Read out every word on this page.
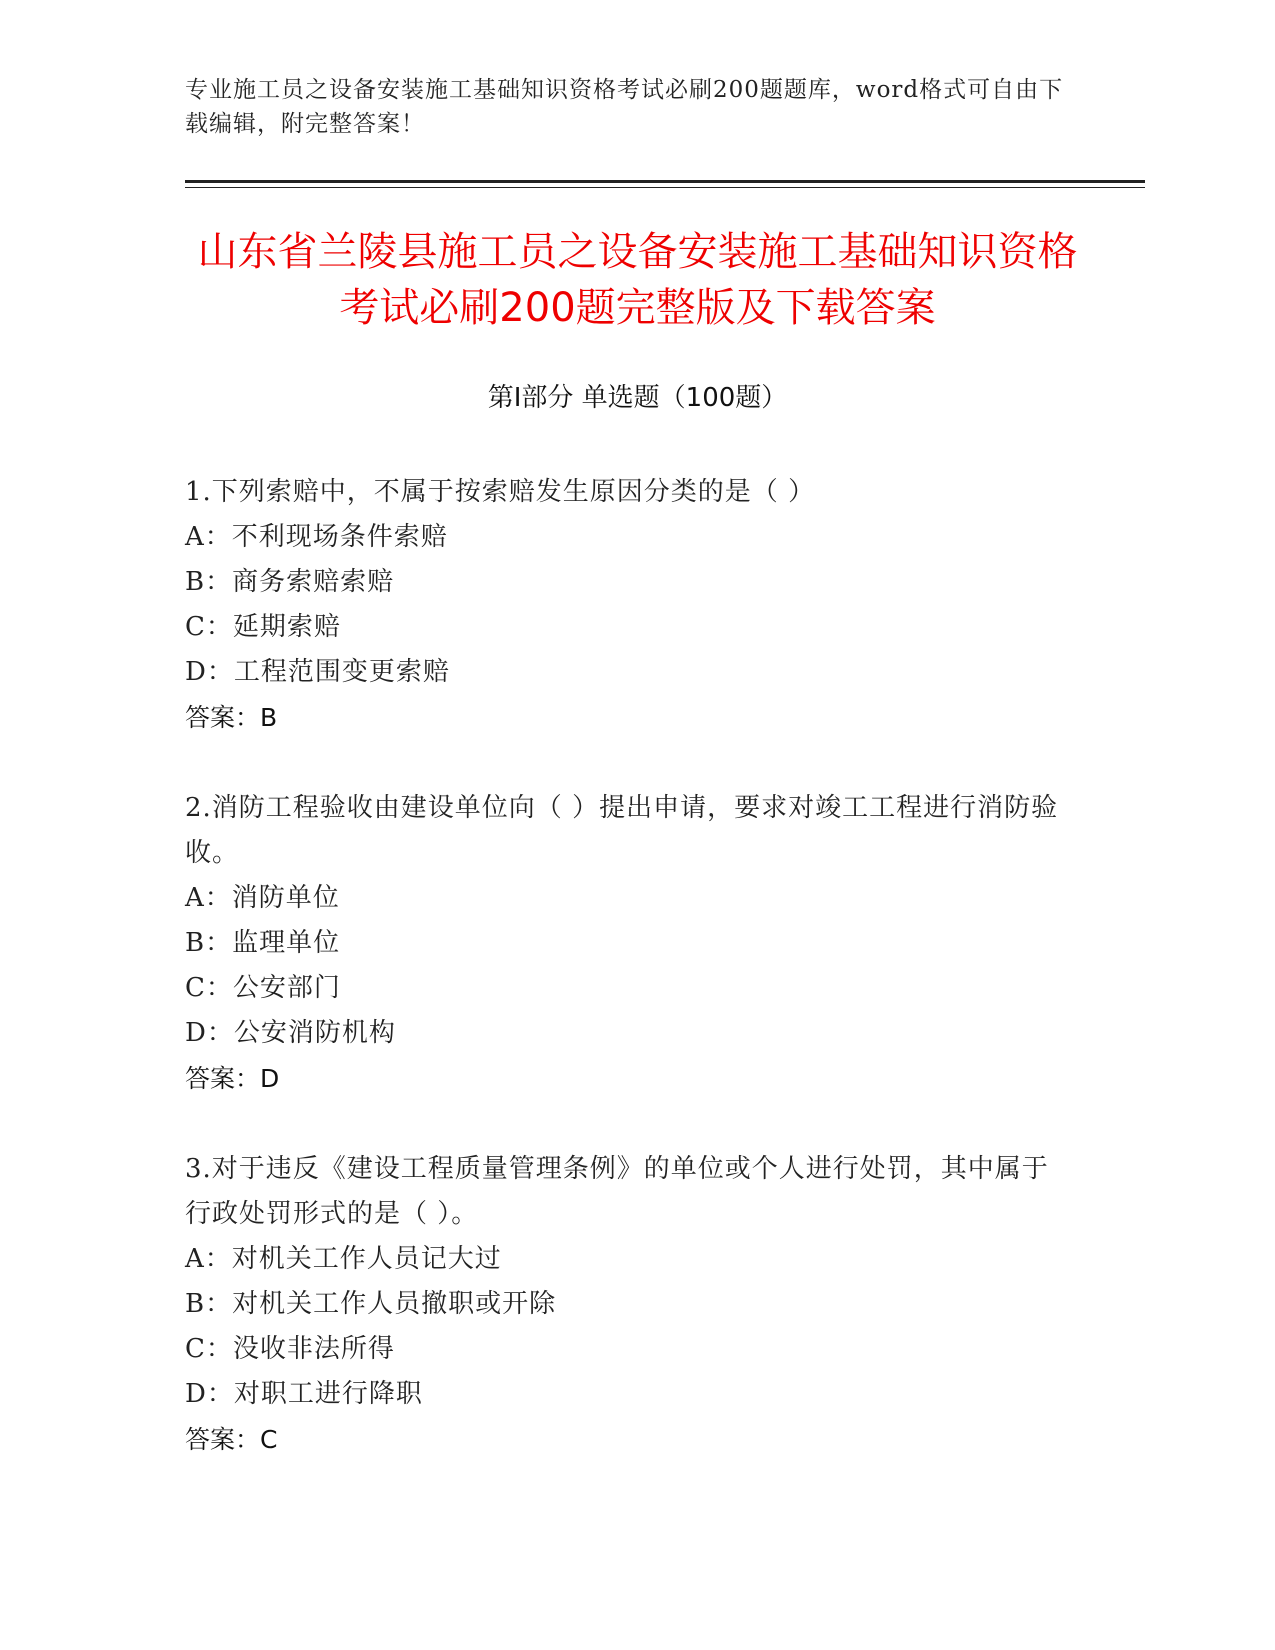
专业施工员之设备安装施工基础知识资格考试必刷200题题库，word格式可自由下载编辑，附完整答案！
山东省兰陵县施工员之设备安装施工基础知识资格考试必刷200题完整版及下载答案
第Ⅰ部分 单选题（100题）
1.下列索赔中，不属于按索赔发生原因分类的是（ ）
A：不利现场条件索赔
B：商务索赔索赔
C：延期索赔
D：工程范围变更索赔
答案：B
2.消防工程验收由建设单位向（ ）提出申请，要求对竣工工程进行消防验收。
A：消防单位
B：监理单位
C：公安部门
D：公安消防机构
答案：D
3.对于违反《建设工程质量管理条例》的单位或个人进行处罚，其中属于行政处罚形式的是（ ）。
A：对机关工作人员记大过
B：对机关工作人员撤职或开除
C：没收非法所得
D：对职工进行降职
答案：C
